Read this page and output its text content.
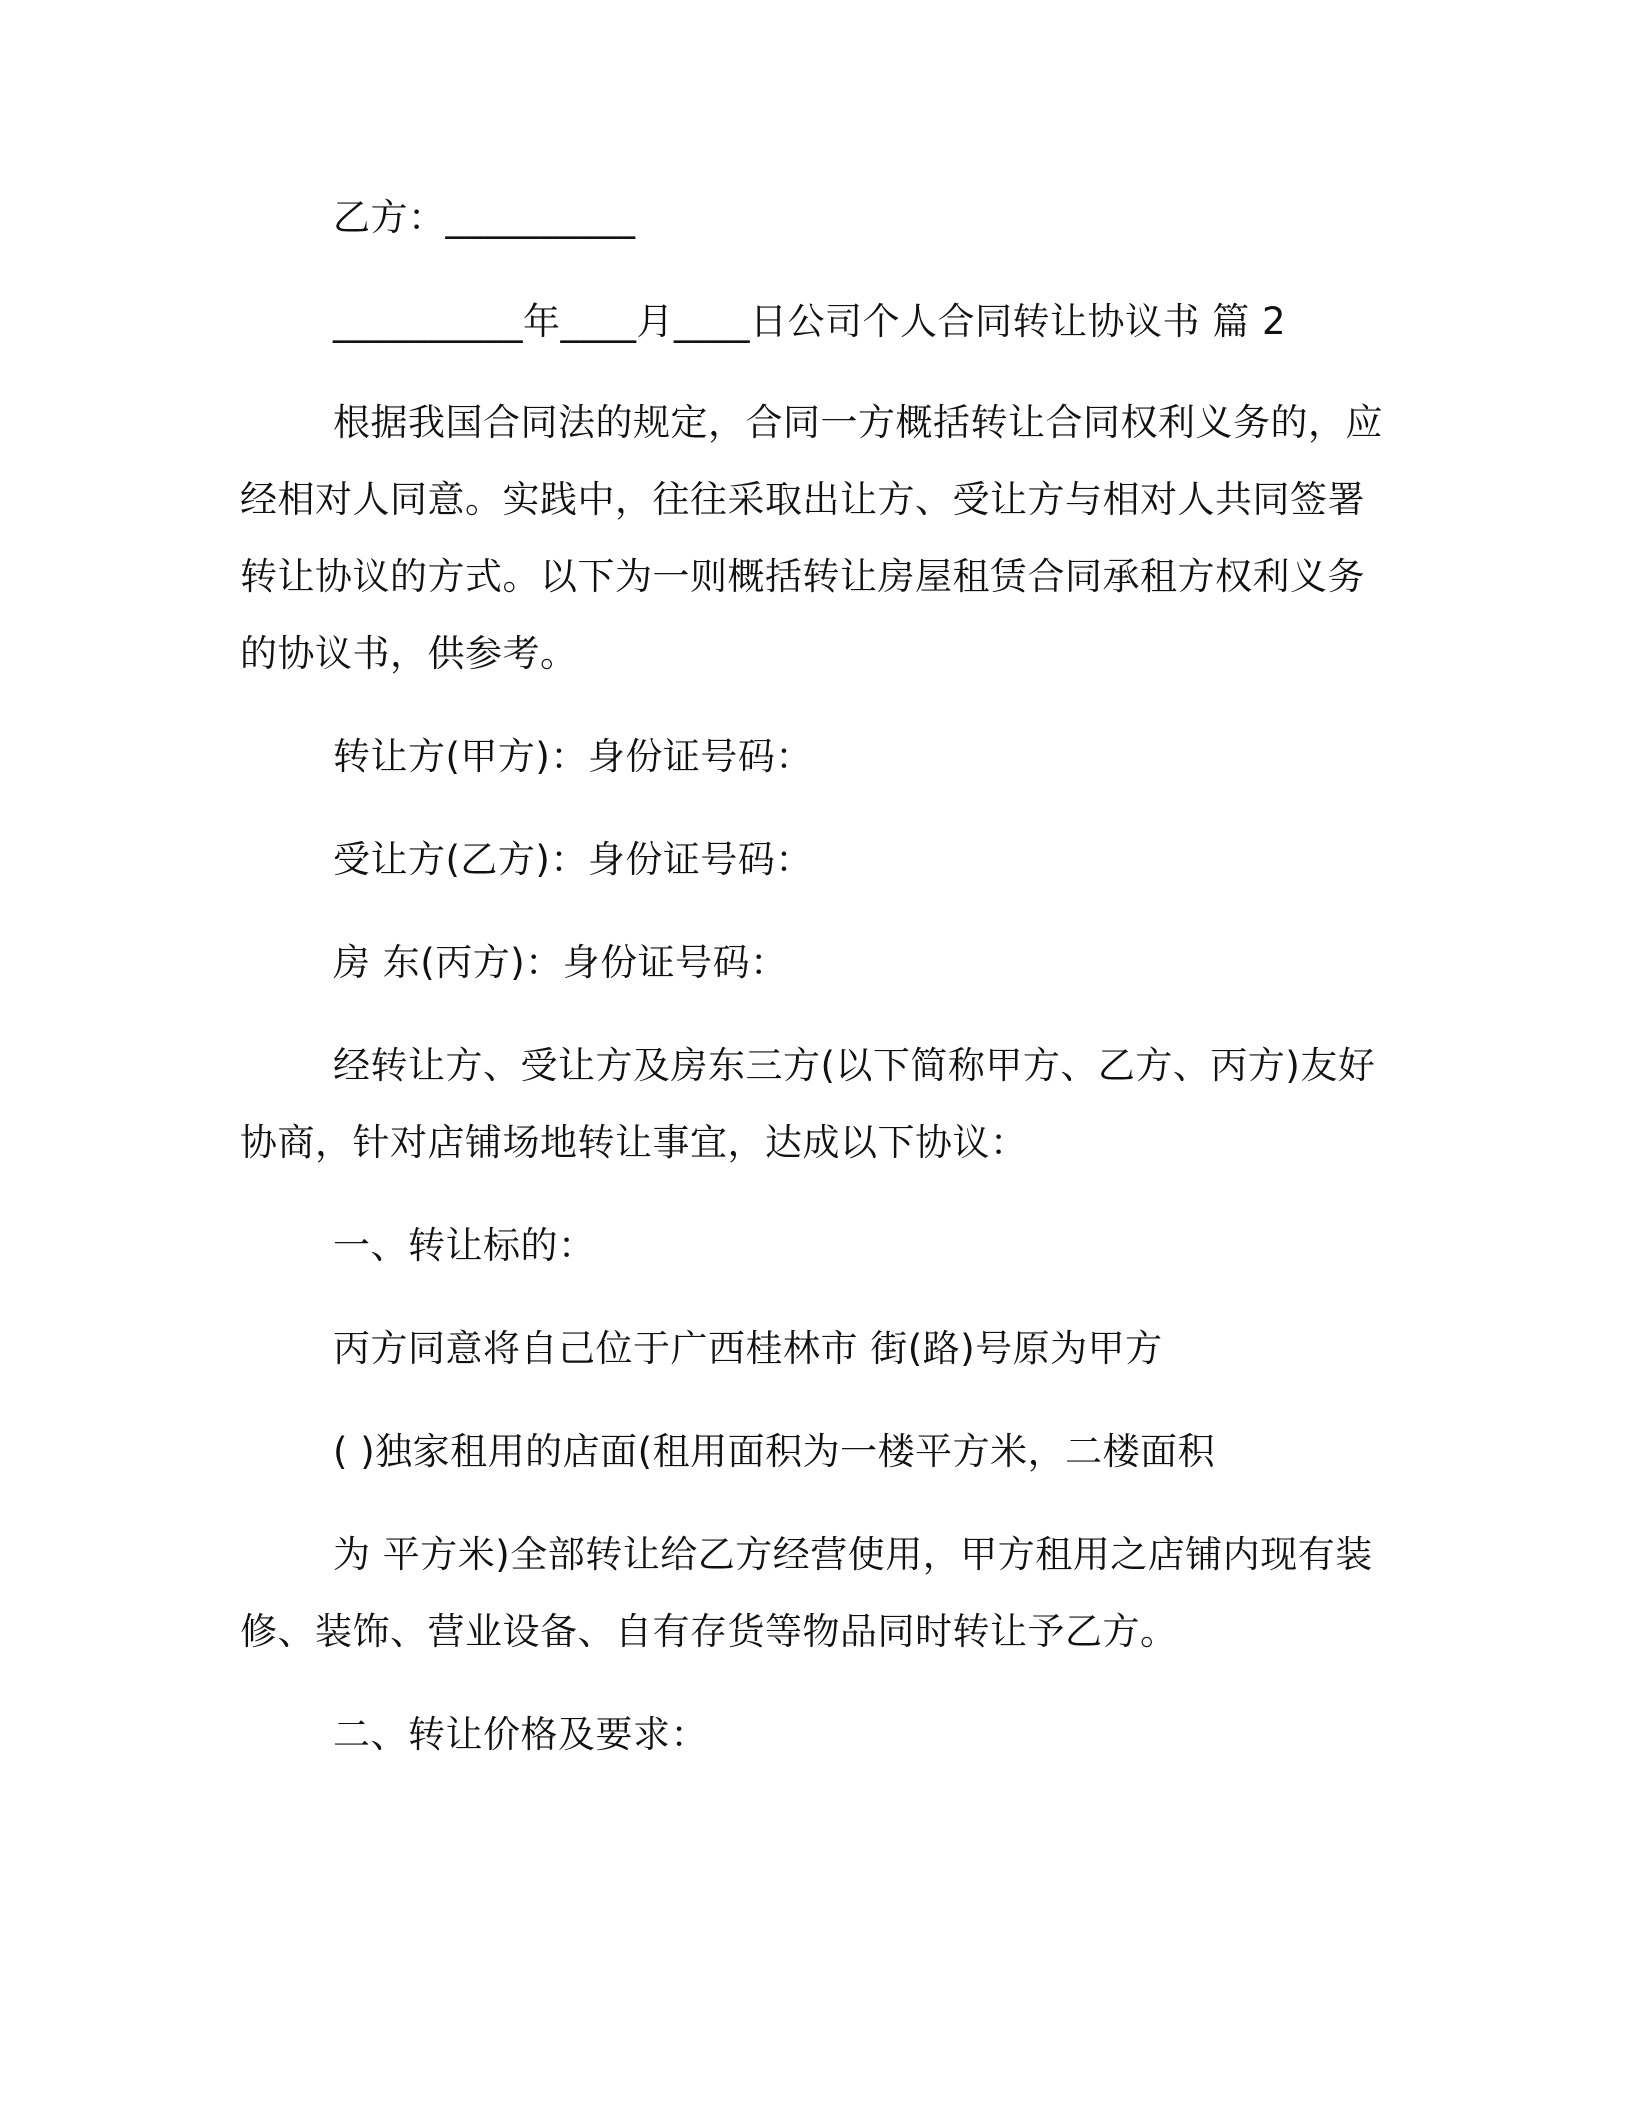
乙方：__________
__________年____月____日公司个人合同转让协议书 篇 2
根据我国合同法的规定，合同一方概括转让合同权利义务的，应
经相对人同意。实践中，往往采取出让方、受让方与相对人共同签署
转让协议的方式。以下为一则概括转让房屋租赁合同承租方权利义务
的协议书，供参考。
转让方(甲方)：身份证号码：
受让方(乙方)：身份证号码：
房 东(丙方)：身份证号码：
经转让方、受让方及房东三方(以下简称甲方、乙方、丙方)友好
协商，针对店铺场地转让事宜，达成以下协议：
一、转让标的：
丙方同意将自己位于广西桂林市 街(路)号原为甲方
( )独家租用的店面(租用面积为一楼平方米，二楼面积
为 平方米)全部转让给乙方经营使用，甲方租用之店铺内现有装
修、装饰、营业设备、自有存货等物品同时转让予乙方。
二、转让价格及要求：
